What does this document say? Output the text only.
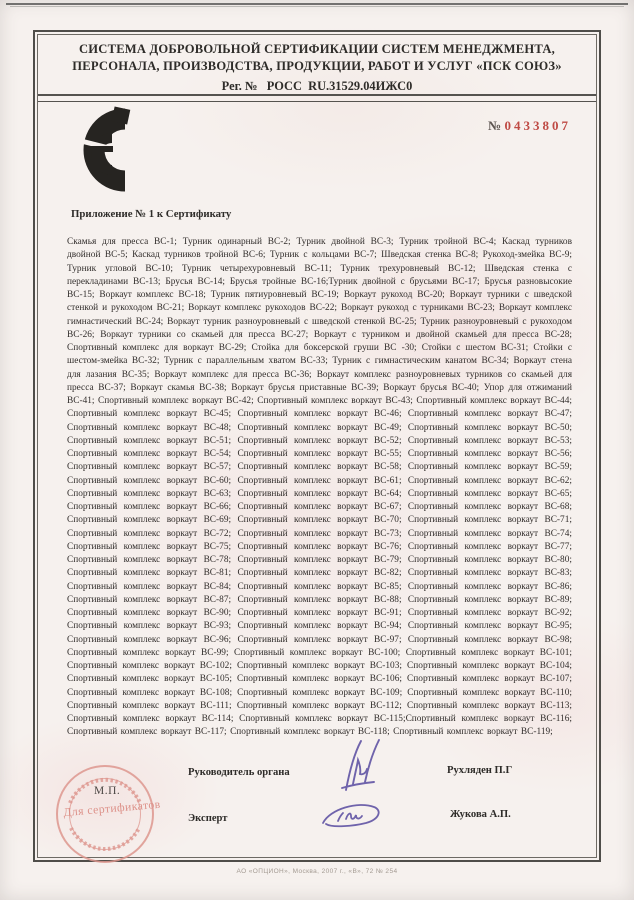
СИСТЕМА ДОБРОВОЛЬНОЙ СЕРТИФИКАЦИИ СИСТЕМ МЕНЕДЖМЕНТА,
ПЕРСОНАЛА, ПРОИЗВОДСТВА, ПРОДУКЦИИ, РАБОТ И УСЛУГ «ПСК СОЮЗ»
Рег. №   РОСС  RU.31529.04ИЖС0

№ 0433807

Приложение № 1 к Сертификату
Скамья для пресса ВС-1; Турник одинарный ВС-2; Турник двойной ВС-3; Турник тройной ВС-4; Каскад турников двойной ВС-5; Каскад турников тройной ВС-6; Турник с кольцами ВС-7; Шведская стенка ВС-8; Рукоход-змейка ВС-9; Турник угловой ВС-10; Турник четырехуровневый ВС-11; Турник трехуровневый ВС-12; Шведская стенка с перекладинами ВС-13; Брусья ВС-14; Брусья тройные ВС-16;Турник двойной с брусьями ВС-17; Брусья разновысокие ВС-15; Воркаут комплекс ВС-18; Турник пятиуровневый ВС-19; Воркаут рукоход ВС-20; Воркаут турники с шведской стенкой и рукоходом ВС-21; Воркаут комплекс рукоходов ВС-22; Воркаут рукоход с турниками ВС-23; Воркаут комплекс гимнастический ВС-24; Воркаут турник разноуровневый с шведской стенкой ВС-25; Турник разноуровневый с рукоходом ВС-26; Воркаут турники со скамьей для пресса ВС-27; Воркаут с турником и двойной скамьей для пресса ВС-28; Спортивный комплекс для воркаут ВС-29; Стойка для боксерской груши ВС -30; Стойки с шестом ВС-31; Стойки с шестом-змейка ВС-32; Турник с параллельным хватом ВС-33; Турник с гимнастическим канатом ВС-34; Воркаут стена для лазания ВС-35; Воркаут комплекс для пресса ВС-36; Воркаут комплекс разноуровневых турников со скамьей для пресса ВС-37; Воркаут скамья ВС-38; Воркаут брусья приставные ВС-39; Воркаут брусья ВС-40; Упор для отжиманий ВС-41; Спортивный комплекс воркаут ВС-42; Спортивный комплекс воркаут ВС-43; Спортивный комплекс воркаут ВС-44; Спортивный комплекс воркаут ВС-45; Спортивный комплекс воркаут ВС-46; Спортивный комплекс воркаут ВС-47; Спортивный комплекс воркаут ВС-48; Спортивный комплекс воркаут ВС-49; Спортивный комплекс воркаут ВС-50; Спортивный комплекс воркаут ВС-51; Спортивный комплекс воркаут ВС-52; Спортивный комплекс воркаут ВС-53; Спортивный комплекс воркаут ВС-54; Спортивный комплекс воркаут ВС-55; Спортивный комплекс воркаут ВС-56; Спортивный комплекс воркаут ВС-57; Спортивный комплекс воркаут ВС-58; Спортивный комплекс воркаут ВС-59; Спортивный комплекс воркаут ВС-60; Спортивный комплекс воркаут ВС-61; Спортивный комплекс воркаут ВС-62; Спортивный комплекс воркаут ВС-63; Спортивный комплекс воркаут ВС-64; Спортивный комплекс воркаут ВС-65; Спортивный комплекс воркаут ВС-66; Спортивный комплекс воркаут ВС-67; Спортивный комплекс воркаут ВС-68; Спортивный комплекс воркаут ВС-69; Спортивный комплекс воркаут ВС-70; Спортивный комплекс воркаут ВС-71; Спортивный комплекс воркаут ВС-72; Спортивный комплекс воркаут ВС-73; Спортивный комплекс воркаут ВС-74; Спортивный комплекс воркаут ВС-75; Спортивный комплекс воркаут ВС-76; Спортивный комплекс воркаут ВС-77; Спортивный комплекс воркаут ВС-78; Спортивный комплекс воркаут ВС-79; Спортивный комплекс воркаут ВС-80; Спортивный комплекс воркаут ВС-81; Спортивный комплекс воркаут ВС-82; Спортивный комплекс воркаут ВС-83; Спортивный комплекс воркаут ВС-84; Спортивный комплекс воркаут ВС-85; Спортивный комплекс воркаут ВС-86; Спортивный комплекс воркаут ВС-87; Спортивный комплекс воркаут ВС-88; Спортивный комплекс воркаут ВС-89; Спортивный комплекс воркаут ВС-90; Спортивный комплекс воркаут ВС-91; Спортивный комплекс воркаут ВС-92; Спортивный комплекс воркаут ВС-93; Спортивный комплекс воркаут ВС-94; Спортивный комплекс воркаут ВС-95; Спортивный комплекс воркаут ВС-96; Спортивный комплекс воркаут ВС-97; Спортивный комплекс воркаут ВС-98; Спортивный комплекс воркаут ВС-99; Спортивный комплекс воркаут ВС-100; Спортивный комплекс воркаут ВС-101; Спортивный комплекс воркаут ВС-102; Спортивный комплекс воркаут ВС-103; Спортивный комплекс воркаут ВС-104; Спортивный комплекс воркаут ВС-105; Спортивный комплекс воркаут ВС-106; Спортивный комплекс воркаут ВС-107; Спортивный комплекс воркаут ВС-108; Спортивный комплекс воркаут ВС-109; Спортивный комплекс воркаут ВС-110; Спортивный комплекс воркаут ВС-111; Спортивный комплекс воркаут ВС-112; Спортивный комплекс воркаут ВС-113; Спортивный комплекс воркаут ВС-114; Спортивный комплекс воркаут ВС-115;Спортивный комплекс воркаут ВС-116; Спортивный комплекс воркаут ВС-117; Спортивный комплекс воркаут ВС-118; Спортивный комплекс воркаут ВС-119;
М.П.
Для сертификатов
Руководитель органа
Эксперт
Рухляден П.Г
Жукова А.П.
АО «ОПЦИОН», Москва, 2007 г., «В», 72 № 254
